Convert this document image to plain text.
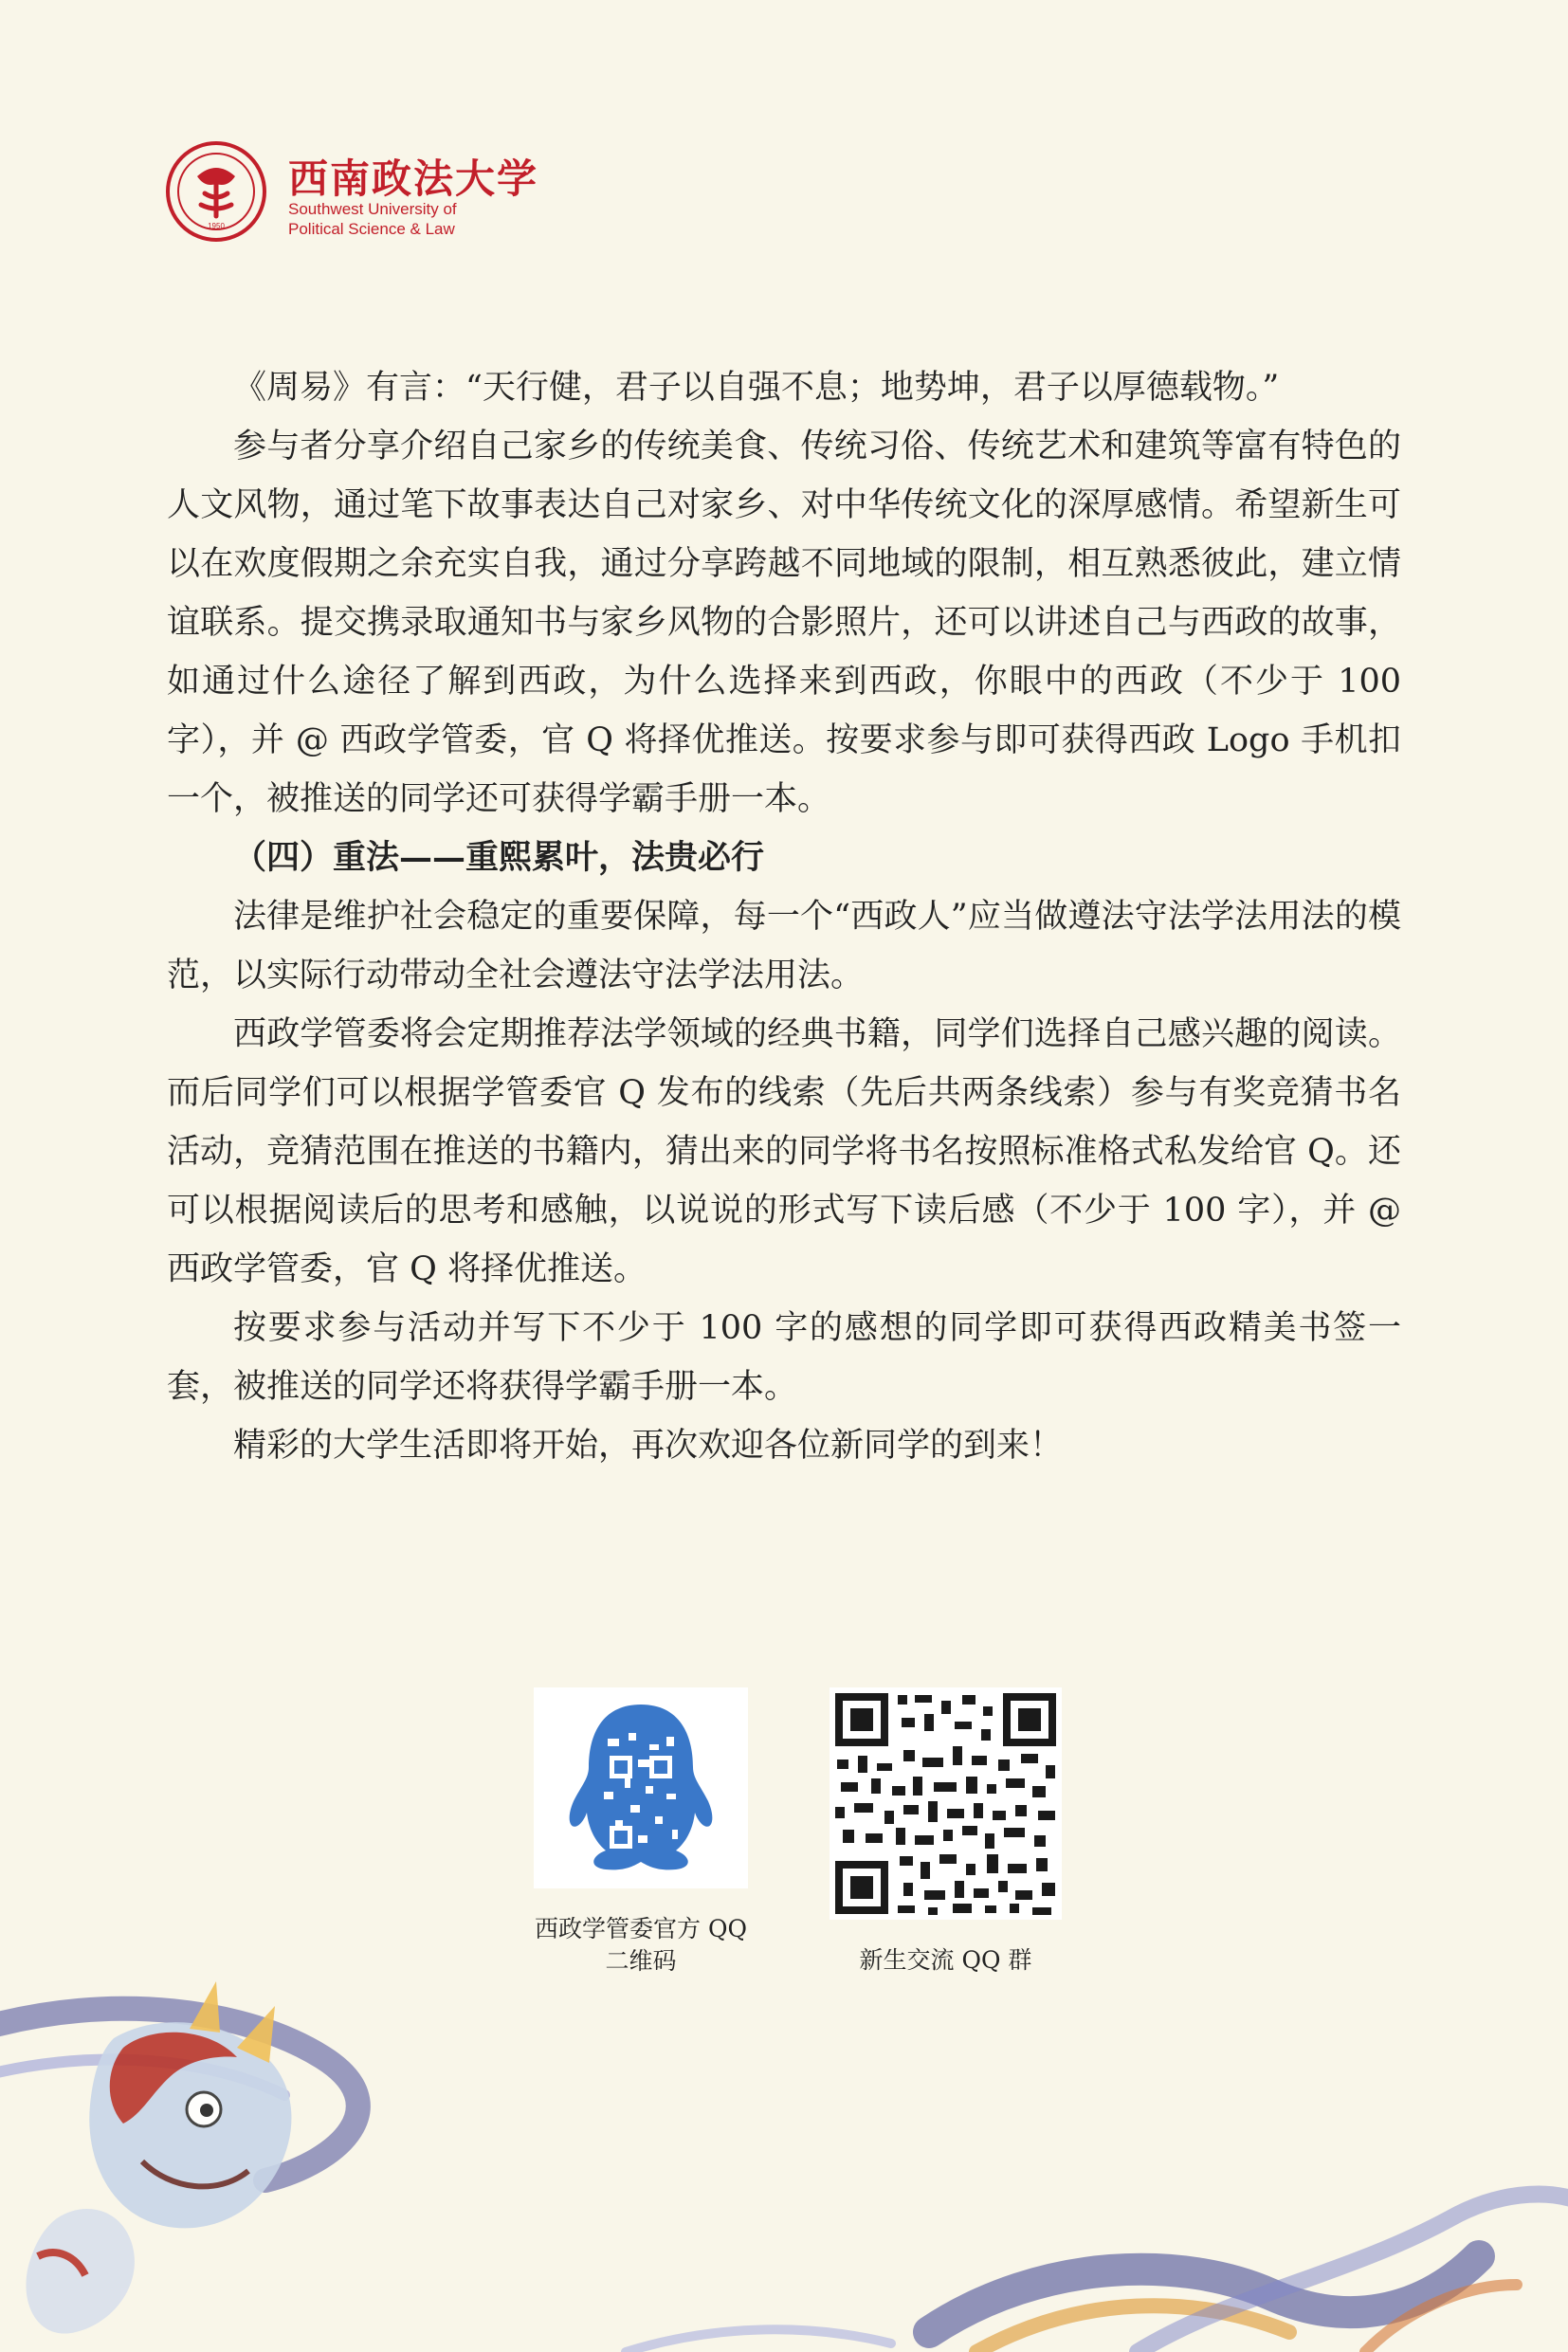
1950
西南政法大学
Southwest University of
Political Science & Law

《周易》有言：“天行健，君子以自强不息；地势坤，君子以厚德载物。”

参与者分享介绍自己家乡的传统美食、传统习俗、传统艺术和建筑等富有特色的人文风物，通过笔下故事表达自己对家乡、对中华传统文化的深厚感情。希望新生可以在欢度假期之余充实自我，通过分享跨越不同地域的限制，相互熟悉彼此，建立情谊联系。提交携录取通知书与家乡风物的合影照片，还可以讲述自己与西政的故事，如通过什么途径了解到西政，为什么选择来到西政，你眼中的西政（不少于 100 字），并 @ 西政学管委，官 Q 将择优推送。按要求参与即可获得西政 Logo 手机扣一个，被推送的同学还可获得学霸手册一本。

（四）重法——重熙累叶，法贵必行

法律是维护社会稳定的重要保障，每一个“西政人”应当做遵法守法学法用法的模范，以实际行动带动全社会遵法守法学法用法。

西政学管委将会定期推荐法学领域的经典书籍，同学们选择自己感兴趣的阅读。而后同学们可以根据学管委官 Q 发布的线索（先后共两条线索）参与有奖竞猜书名活动，竞猜范围在推送的书籍内，猜出来的同学将书名按照标准格式私发给官 Q。还可以根据阅读后的思考和感触，以说说的形式写下读后感（不少于 100 字），并 @ 西政学管委，官 Q 将择优推送。

按要求参与活动并写下不少于 100 字的感想的同学即可获得西政精美书签一套，被推送的同学还将获得学霸手册一本。

精彩的大学生活即将开始，再次欢迎各位新同学的到来！

西政学管委官方 QQ
二维码	新生交流 QQ 群
